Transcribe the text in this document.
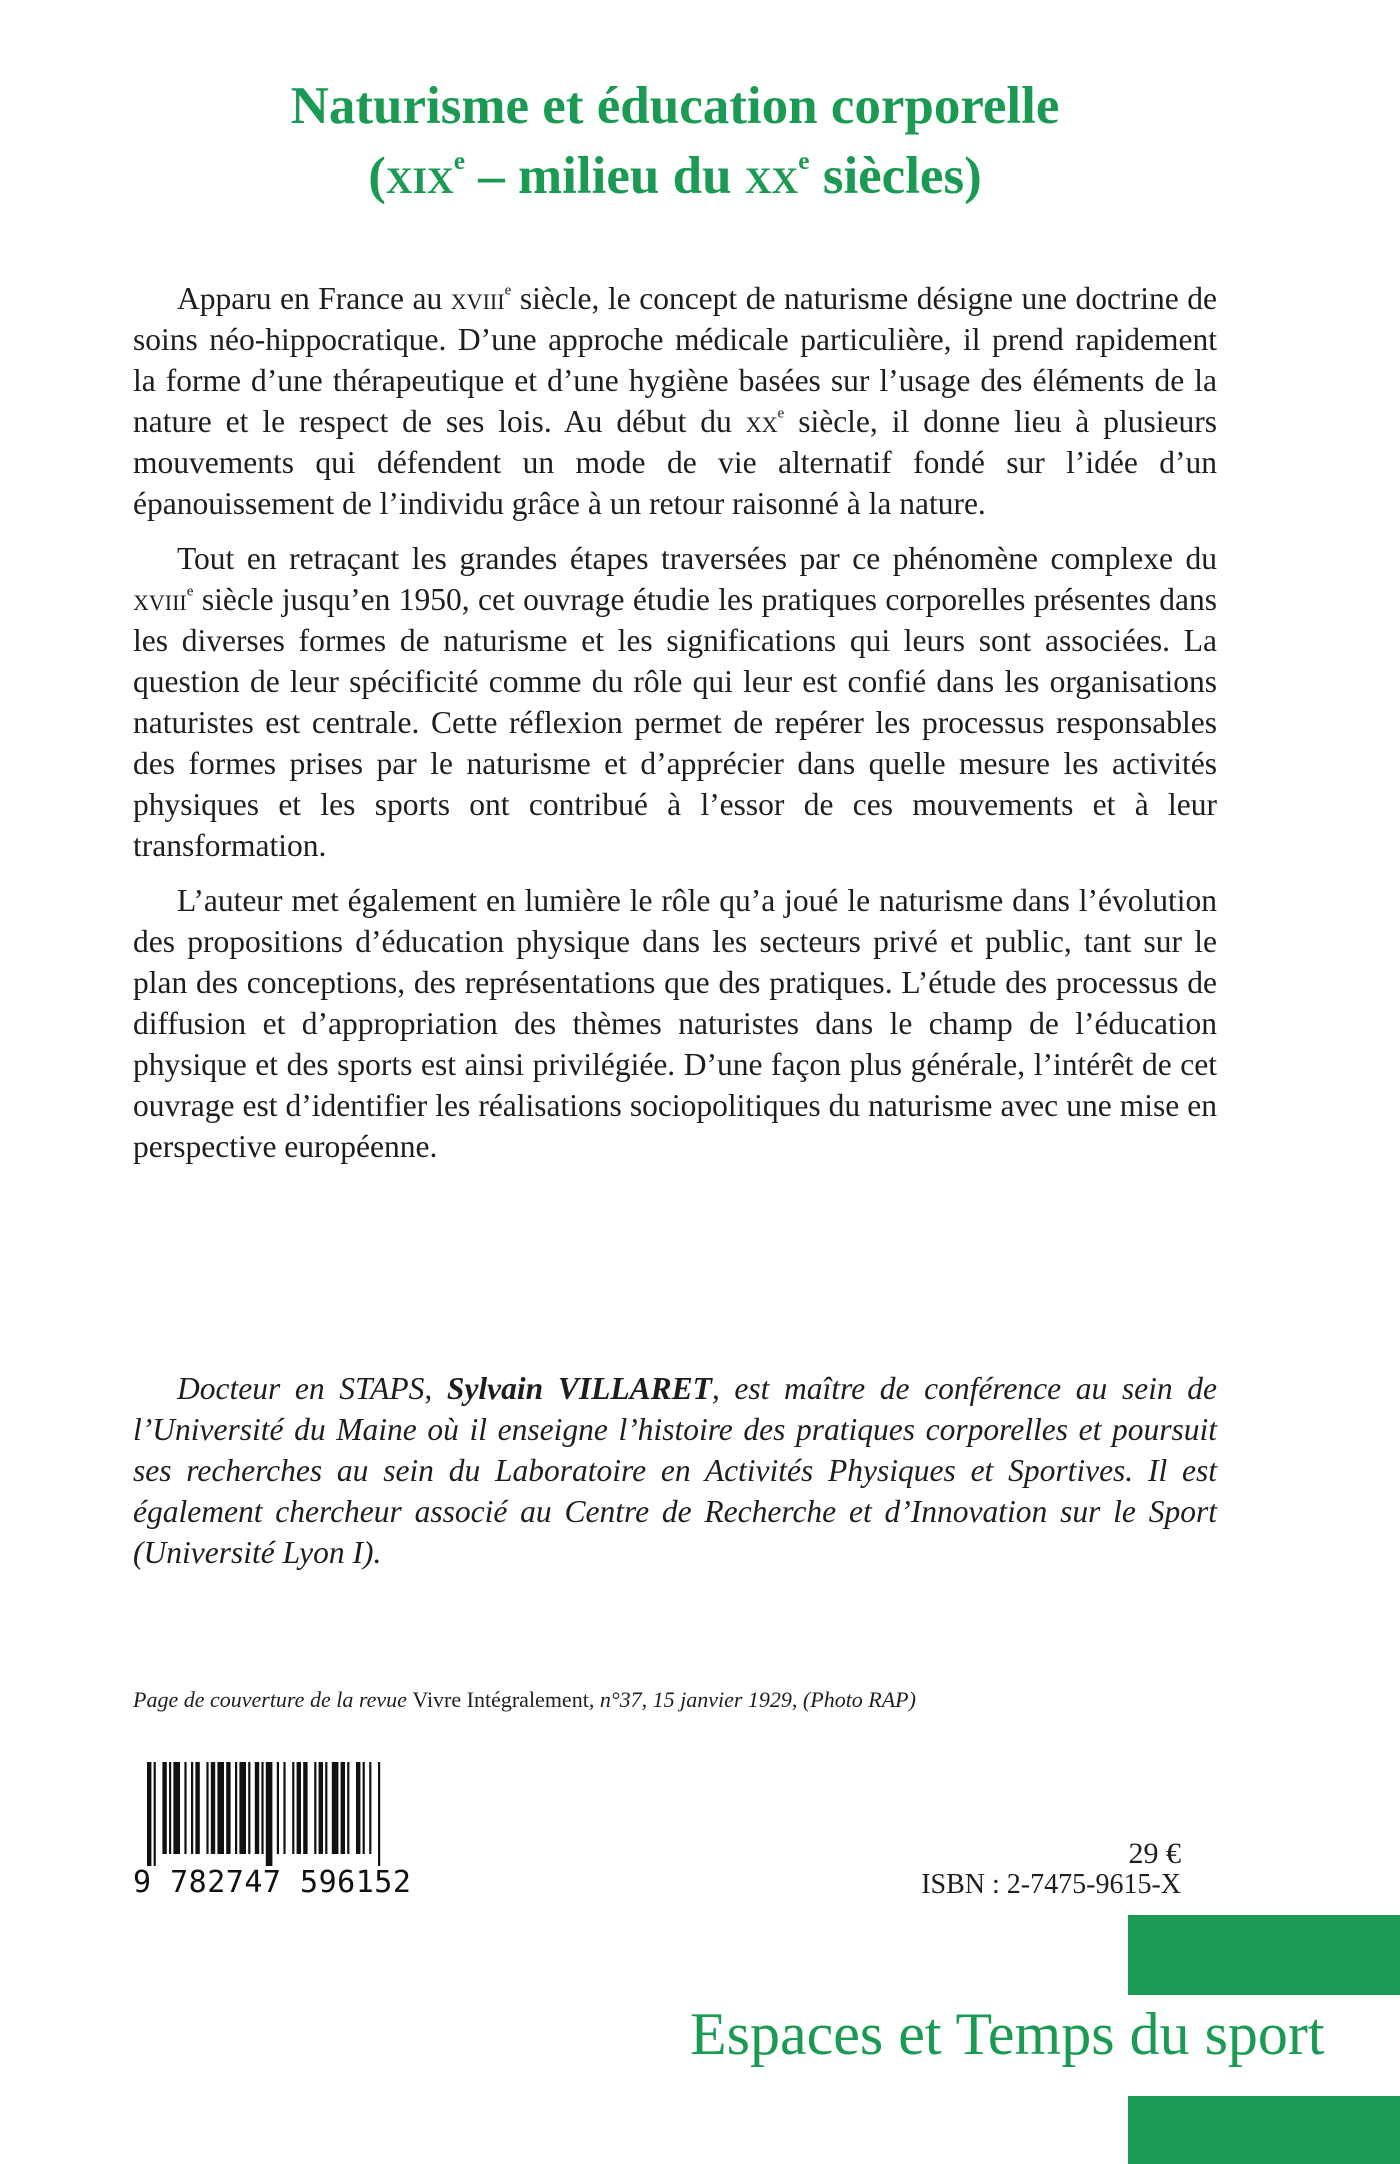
Naturisme et éducation corporelle
(xix$^e$ – milieu du $xx^e$ siècles)

Apparu en France au xviii$^e$ siècle, le concept de naturisme désigne une doctrine de soins néo-hippocratique. D’une approche médicale particulière, il prend rapidement la forme d’une thérapeutique et d’une hygiène basées sur l’usage des éléments de la nature et le respect de ses lois. Au début du $xx^e$ siècle, il donne lieu à plusieurs mouvements qui défendent un mode de vie alternatif fondé sur l’idée d’un épanouissement de l’individu grâce à un retour raisonné à la nature.

Tout en retraçant les grandes étapes traversées par ce phénomène complexe du xviii$^e$ siècle jusqu’en 1950, cet ouvrage étudie les pratiques corporelles présentes dans les diverses formes de naturisme et les significations qui leurs sont associées. La question de leur spécificité comme du rôle qui leur est confié dans les organisations naturistes est centrale. Cette réflexion permet de repérer les processus responsables des formes prises par le naturisme et d’apprécier dans quelle mesure les activités physiques et les sports ont contribué à l’essor de ces mouvements et à leur transformation.

L’auteur met également en lumière le rôle qu’a joué le naturisme dans l’évolution des propositions d’éducation physique dans les secteurs privé et public, tant sur le plan des conceptions, des représentations que des pratiques. L’étude des processus de diffusion et d’appropriation des thèmes naturistes dans le champ de l’éducation physique et des sports est ainsi privilégiée. D’une façon plus générale, l’intérêt de cet ouvrage est d’identifier les réalisations sociopolitiques du naturisme avec une mise en perspective européenne.

Docteur en STAPS, Sylvain VILLARET, est maître de conférence au sein de l’Université du Maine où il enseigne l’histoire des pratiques corporelles et poursuit ses recherches au sein du Laboratoire en Activités Physiques et Sportives. Il est également chercheur associé au Centre de Recherche et d’Innovation sur le Sport (Université Lyon I).

Page de couverture de la revue Vivre Intégralement, n°37, 15 janvier 1929, (Photo RAP)

9 782747 596152

29 €

ISBN : 2-7475-9615-X

Espaces et Temps du sport
